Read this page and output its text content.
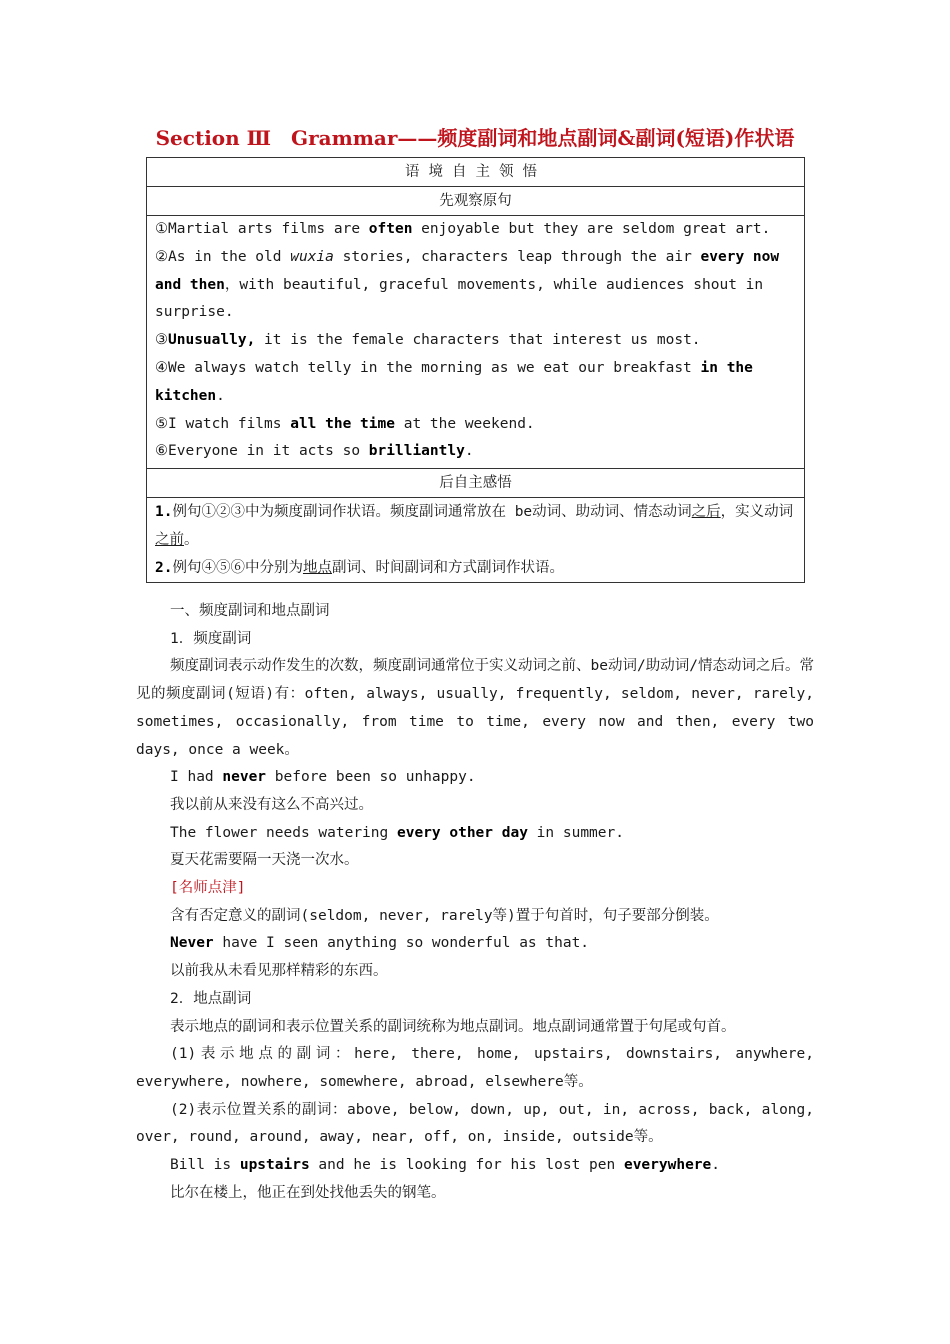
Section Ⅲ　Grammar——频度副词和地点副词&副词(短语)作状语
语境自主领悟
先观察原句

①Martial arts films are often enjoyable but they are seldom great art.

②As in the old wuxia stories, characters leap through the air every now and then，with beautiful, graceful movements, while audiences shout in surprise.

③Unusually, it is the female characters that interest us most.

④We always watch telly in the morning as we eat our breakfast in the kitchen.

⑤I watch films all the time at the weekend.

⑥Everyone in it acts so brilliantly.

后自主感悟

1.例句①②③中为频度副词作状语。频度副词通常放在 be动词、助动词、情态动词之后，实义动词之前。

2.例句④⑤⑥中分别为地点副词、时间副词和方式副词作状语。

一、频度副词和地点副词

1．频度副词

频度副词表示动作发生的次数，频度副词通常位于实义动词之前、be动词/助动词/情态动词之后。常见的频度副词(短语)有：often, always, usually, frequently, seldom, never, rarely, sometimes, occasionally, from time to time, every now and then, every two days, once a week。

I had never before been so unhappy.

我以前从来没有这么不高兴过。

The flower needs watering every other day in summer.

夏天花需要隔一天浇一次水。

[名师点津]

含有否定意义的副词(seldom, never, rarely等)置于句首时，句子要部分倒装。

Never have I seen anything so wonderful as that.

以前我从未看见那样精彩的东西。

2．地点副词

表示地点的副词和表示位置关系的副词统称为地点副词。地点副词通常置于句尾或句首。

(1)表示地点的副词：here, there, home, upstairs, downstairs, anywhere, everywhere, nowhere, somewhere, abroad, elsewhere等。

(2)表示位置关系的副词：above, below, down, up, out, in, across, back, along, over, round, around, away, near, off, on, inside, outside等。

Bill is upstairs and he is looking for his lost pen everywhere.

比尔在楼上，他正在到处找他丢失的钢笔。
